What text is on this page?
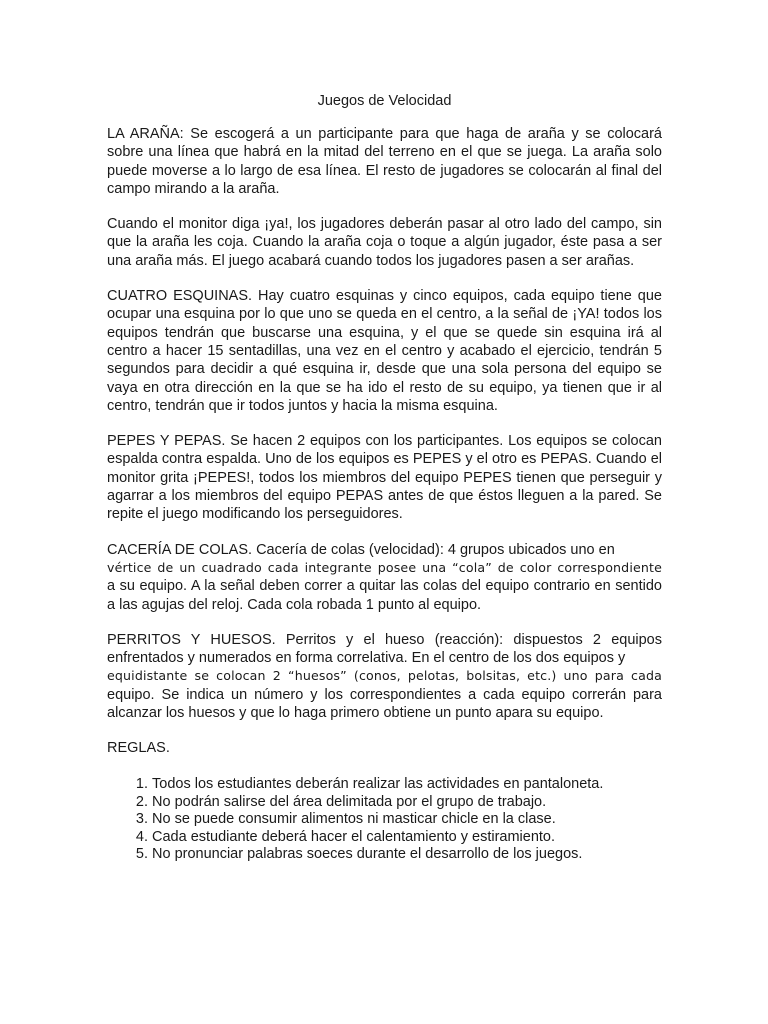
Juegos de Velocidad

LA ARAÑA: Se escogerá a un participante para que haga de araña y se colocará sobre una línea que habrá en la mitad del terreno en el que se juega. La araña solo puede moverse a lo largo de esa línea. El resto de jugadores se colocarán al final del campo mirando a la araña.

Cuando el monitor diga ¡ya!, los jugadores deberán pasar al otro lado del campo, sin que la araña les coja. Cuando la araña coja o toque a algún jugador, éste pasa a ser una araña más. El juego acabará cuando todos los jugadores pasen a ser arañas.

CUATRO ESQUINAS. Hay cuatro esquinas y cinco equipos, cada equipo tiene que ocupar una esquina por lo que uno se queda en el centro, a la señal de ¡YA! todos los equipos tendrán que buscarse una esquina, y el que se quede sin esquina irá al centro a hacer 15 sentadillas, una vez en el centro y acabado el ejercicio, tendrán 5 segundos para decidir a qué esquina ir, desde que una sola persona del equipo se vaya en otra dirección en la que se ha ido el resto de su equipo, ya tienen que ir al centro, tendrán que ir todos juntos y hacia la misma esquina.

PEPES Y PEPAS. Se hacen 2 equipos con los participantes. Los equipos se colocan espalda contra espalda. Uno de los equipos es PEPES y el otro es PEPAS. Cuando el monitor grita ¡PEPES!, todos los miembros del equipo PEPES tienen que perseguir y agarrar a los miembros del equipo PEPAS antes de que éstos lleguen a la pared. Se repite el juego modificando los perseguidores.

CACERÍA DE COLAS. Cacería de colas (velocidad): 4 grupos ubicados uno en
vértice de un cuadrado cada integrante posee una “cola” de color correspondiente
a su equipo. A la señal deben correr a quitar las colas del equipo contrario en sentido a las agujas del reloj. Cada cola robada 1 punto al equipo.

PERRITOS Y HUESOS. Perritos y el hueso (reacción): dispuestos 2 equipos enfrentados y numerados en forma correlativa. En el centro de los dos equipos y
equidistante se colocan 2 “huesos” (conos, pelotas, bolsitas, etc.) uno para cada
equipo. Se indica un número y los correspondientes a cada equipo correrán para alcanzar los huesos y que lo haga primero obtiene un punto apara su equipo.

REGLAS.
1. Todos los estudiantes deberán realizar las actividades en pantaloneta.
2. No podrán salirse del área delimitada por el grupo de trabajo.
3. No se puede consumir alimentos ni masticar chicle en la clase.
4. Cada estudiante deberá hacer el calentamiento y estiramiento.
5. No pronunciar palabras soeces durante el desarrollo de los juegos.
